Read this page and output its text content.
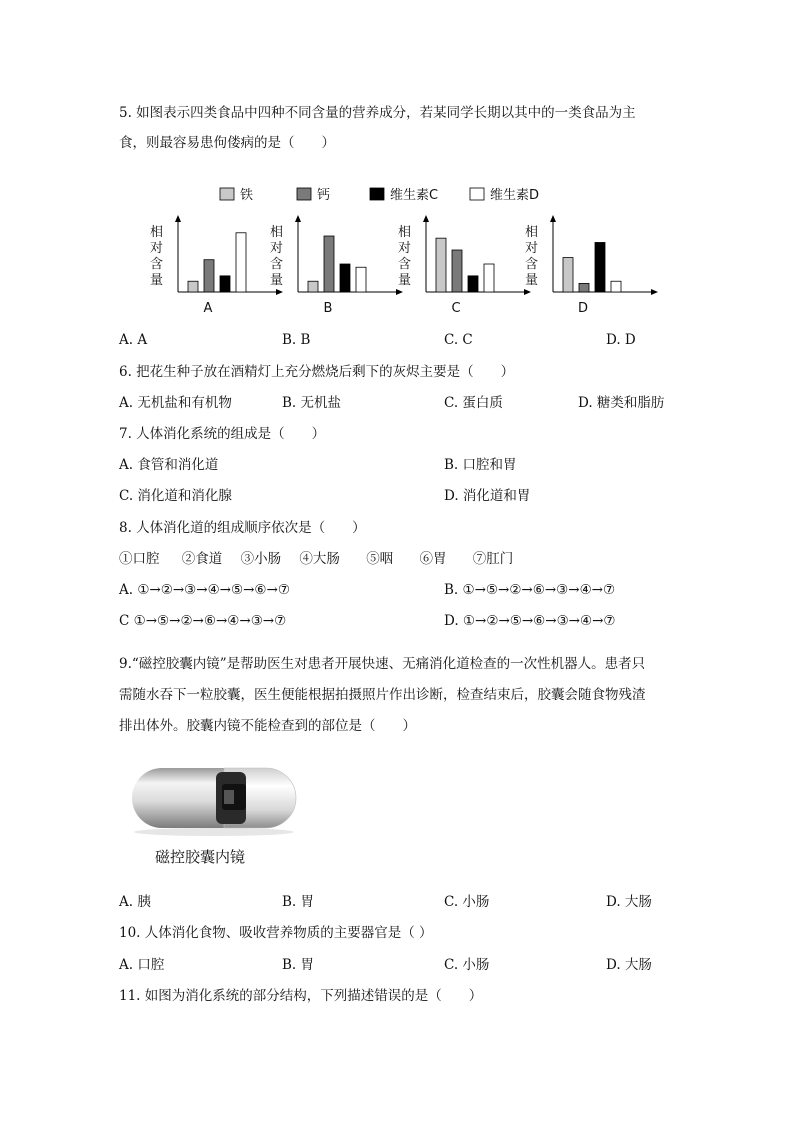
5. 如图表示四类食品中四种不同含量的营养成分，若某同学长期以其中的一类食品为主
食，则最容易患佝偻病的是（　　）
铁	钙	维生素C	维生素D
相
对
含
量
A
相
对
含
量
B
相
对
含
量
C
相
对
含
量
D
A. A	B. B	C. C	D. D
6. 把花生种子放在酒精灯上充分燃烧后剩下的灰烬主要是（　　）
A. 无机盐和有机物	B. 无机盐	C. 蛋白质	D. 糖类和脂肪
7. 人体消化系统的组成是（　　）
A. 食管和消化道	B. 口腔和胃
C. 消化道和消化腺	D. 消化道和胃
8. 人体消化道的组成顺序依次是（　　）
①口腔 ②食道 ③小肠 ④大肠 ⑤咽 ⑥胃 ⑦肛门
A. ①→②→③→④→⑤→⑥→⑦	B. ①→⑤→②→⑥→③→④→⑦
C ①→⑤→②→⑥→④→③→⑦	D. ①→②→⑤→⑥→③→④→⑦
9.“磁控胶囊内镜”是帮助医生对患者开展快速、无痛消化道检查的一次性机器人。患者只
需随水吞下一粒胶囊，医生便能根据拍摄照片作出诊断，检查结束后，胶囊会随食物残渣
排出体外。胶囊内镜不能检查到的部位是（　　）
磁控胶囊内镜
A. 胰	B. 胃	C. 小肠	D. 大肠
10. 人体消化食物、吸收营养物质的主要器官是（ ）
A. 口腔	B. 胃	C. 小肠	D. 大肠
11. 如图为消化系统的部分结构，下列描述错误的是（　　）
